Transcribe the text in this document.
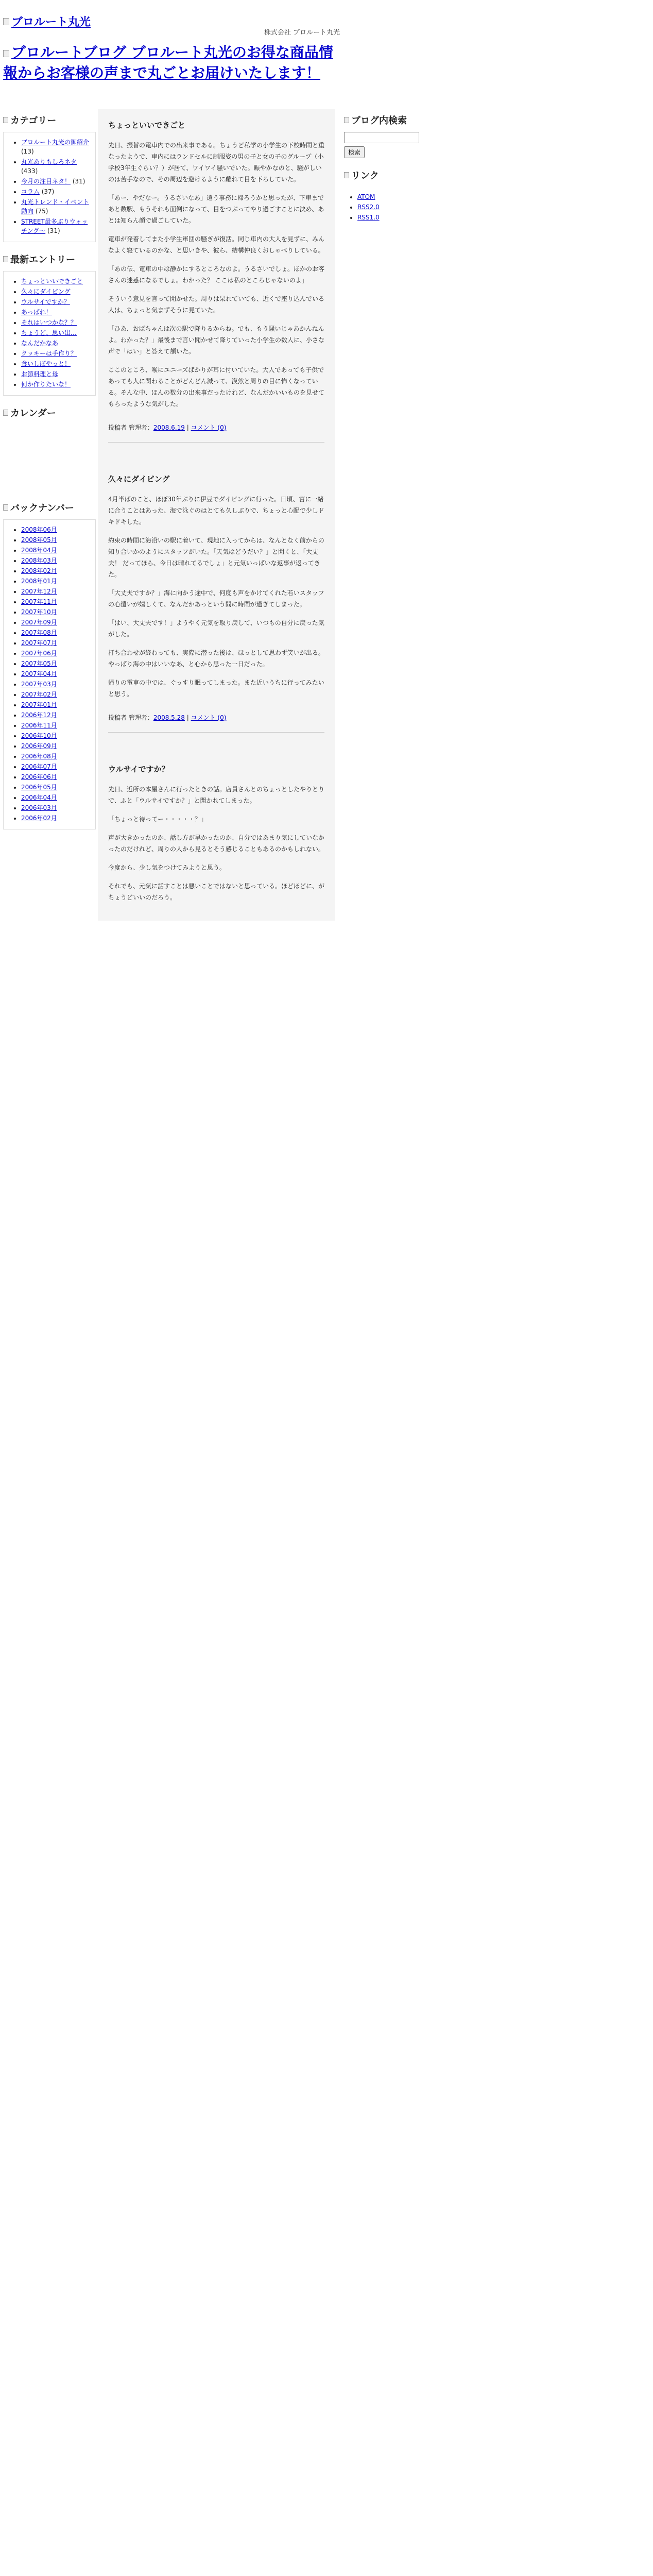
ブロルート丸光
株式会社 ブロルート丸光
ブロルートブログ ブロルート丸光のお得な商品情報からお客様の声まで丸ごとお届けいたします！
カテゴリー
• ブロルート丸光の御紹介 (13)
• 丸光ありもしろネタ (433)
• 今月の注目ネタ！ (31)
• コラム (37)
• 丸光トレンド・イベント動向 (75)
• STREET最多ぶりウォッチング～ (31)
最新エントリー
• ちょっといいできごと
• 久々にダイビング
• ウルサイですか？
• あっぱれ！
• それはいつかな？？
• ちょうど、思い出…
• なんだかなあ
• クッキーは手作り？
• 食いしぼやっと！
• お節料理と母
• 何か作りたいな！
カレンダー
バックナンバー
• 2008年06月
• 2008年05月
• 2008年04月
• 2008年03月
• 2008年02月
• 2008年01月
• 2007年12月
• 2007年11月
• 2007年10月
• 2007年09月
• 2007年08月
• 2007年07月
• 2007年06月
• 2007年05月
• 2007年04月
• 2007年03月
• 2007年02月
• 2007年01月
• 2006年12月
• 2006年11月
• 2006年10月
• 2006年09月
• 2006年08月
• 2006年07月
• 2006年06月
• 2006年05月
• 2006年04月
• 2006年03月
• 2006年02月
ちょっといいできごと

先日、振替の電車内での出来事である。ちょうど私学の小学生の下校時間と重なったようで、車内にはランドセルに制服姿の男の子と女の子のグループ（小学校3年生ぐらい？）が居て、ワイワイ騒いでいた。賑やかなのと、騒がしいのは苦手なので、その周辺を避けるように離れて目を下ろしていた。

「あー、やだなー。うるさいなあ」遠う事務に帰ろうかと思ったが、下車まであと数駅、もうそれも面倒になって、目をつぶってやり過ごすことに決め、あとは知らん顔で過ごしていた。

電車が発着してまた小学生軍団の騒ぎが復活。同じ車内の大人を見ずに、みんなよく寝ているのかな、と思いきや、彼ら、結構仲良くおしゃべりしている。

「あの伝、電車の中は静かにするところなのよ。うるさいでしょ。ほかのお客さんの迷惑になるでしょ。わかった？ ここは私のところじゃないのよ」

そういう意見を言って聞かせた。周りは呆れていても、近くで座り込んでいる人は、ちょっと気まずそうに見ていた。

「ひあ、おばちゃんは次の駅で降りるからね。でも、もう騒いじゃあかんねんよ。わかった？」最後まで言い聞かせて降りていった小学生の数人に、小さな声で「はい」と答えて頷いた。

ここのところ、喉にユニーズばかりが耳に付いていた。大人であっても子供であっても人に関わることがどんどん減って、漠然と周りの目に怖くなっている。そんな中、ほんの数分の出来事だったけれど、なんだかいいものを見せてもらったような気がした。

投稿者 管理者：2008.6.19 | コメント (0)
久々にダイビング

4月半ばのこと、ほぼ30年ぶりに伊豆でダイビングに行った。日頃、宮に一緒に合うことはあった、海で泳ぐのはとても久しぶりで、ちょっと心配で少しドキドキした。

約束の時間に海沿いの駅に着いて、現地に入ってからは、なんとなく前からの知り合いかのようにスタッフがいた。「天気はどうだい？」と聞くと、「大丈夫！ だってほら、今日は晴れてるでしょ」と元気いっぱいな返事が返ってきた。

「大丈夫ですか？」海に向かう途中で、何度も声をかけてくれた若いスタッフの心遣いが嬉しくて、なんだかあっという間に時間が過ぎてしまった。

「はい、大丈夫です！」ようやく元気を取り戻して、いつもの自分に戻った気がした。

打ち合わせが終わっても、実際に潜った後は、ほっとして思わず笑いが出る。やっぱり海の中はいいなあ、と心から思った一日だった。

帰りの電車の中では、ぐっすり眠ってしまった。また近いうちに行ってみたいと思う。

投稿者 管理者：2008.5.28 | コメント (0)
ウルサイですか？

先日、近所の本屋さんに行ったときの話。店員さんとのちょっとしたやりとりで、ふと「ウルサイですか？」と聞かれてしまった。

「ちょっと待ってー・・・・・？」

声が大きかったのか、話し方が早かったのか、自分ではあまり気にしていなかったのだけれど、周りの人から見るとそう感じることもあるのかもしれない。

今度から、少し気をつけてみようと思う。

それでも、元気に話すことは悪いことではないと思っている。ほどほどに、がちょうどいいのだろう。

ブログ内検索
検索
リンク
• ATOM
• RSS2.0
• RSS1.0
